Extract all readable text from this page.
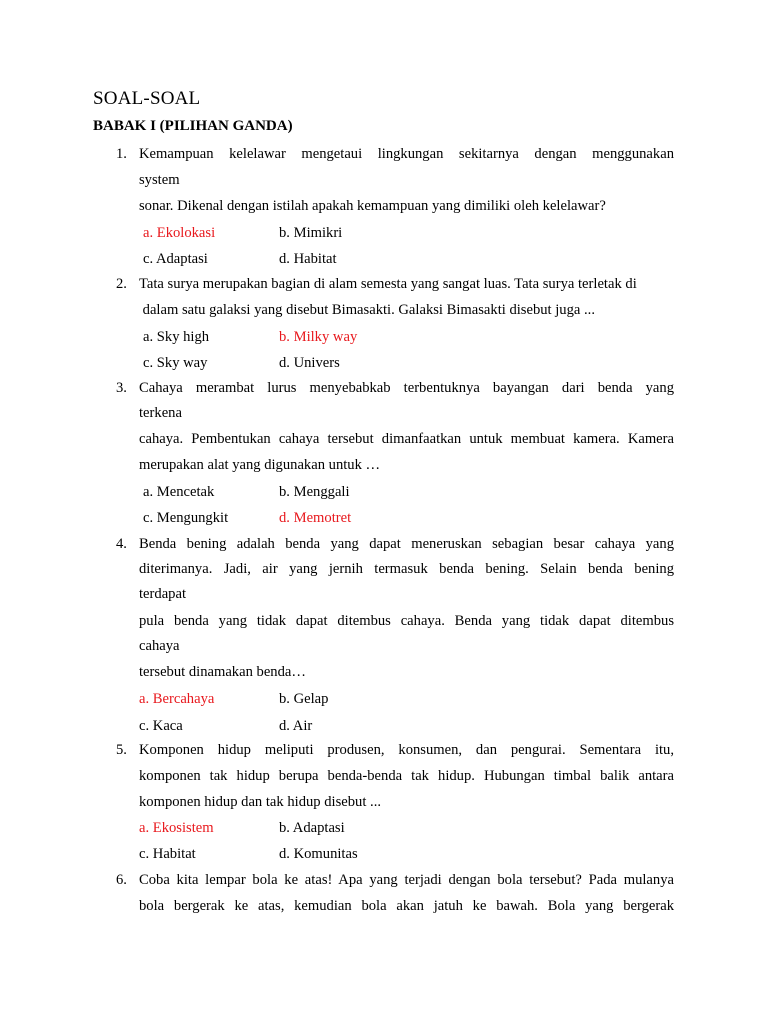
SOAL-SOAL
BABAK I (PILIHAN GANDA)
1. Kemampuan kelelawar mengetaui lingkungan sekitarnya dengan menggunakan
system
sonar. Dikenal dengan istilah apakah kemampuan yang dimiliki oleh kelelawar?
a. Ekolokasi	b. Mimikri
c. Adaptasi	d. Habitat
2. Tata surya merupakan bagian di alam semesta yang sangat luas. Tata surya terletak di
dalam satu galaksi yang disebut Bimasakti. Galaksi Bimasakti disebut juga ...
a. Sky high	b. Milky way
c. Sky way	d. Univers
3. Cahaya merambat lurus menyebabkab terbentuknya bayangan dari benda yang
terkena
cahaya. Pembentukan cahaya tersebut dimanfaatkan untuk membuat kamera. Kamera
merupakan alat yang digunakan untuk …
a. Mencetak	b. Menggali
c. Mengungkit	d. Memotret
4. Benda bening adalah benda yang dapat meneruskan sebagian besar cahaya yang
diterimanya. Jadi, air yang jernih termasuk benda bening. Selain benda bening
terdapat
pula benda yang tidak dapat ditembus cahaya. Benda yang tidak dapat ditembus
cahaya
tersebut dinamakan benda…
a. Bercahaya	b. Gelap
c. Kaca	d. Air
5. Komponen hidup meliputi produsen, konsumen, dan pengurai. Sementara itu,
komponen tak hidup berupa benda-benda tak hidup. Hubungan timbal balik antara
komponen hidup dan tak hidup disebut ...
a. Ekosistem	b. Adaptasi
c. Habitat	d. Komunitas
6. Coba kita lempar bola ke atas! Apa yang terjadi dengan bola tersebut? Pada mulanya
bola bergerak ke atas, kemudian bola akan jatuh ke bawah. Bola yang bergerak
